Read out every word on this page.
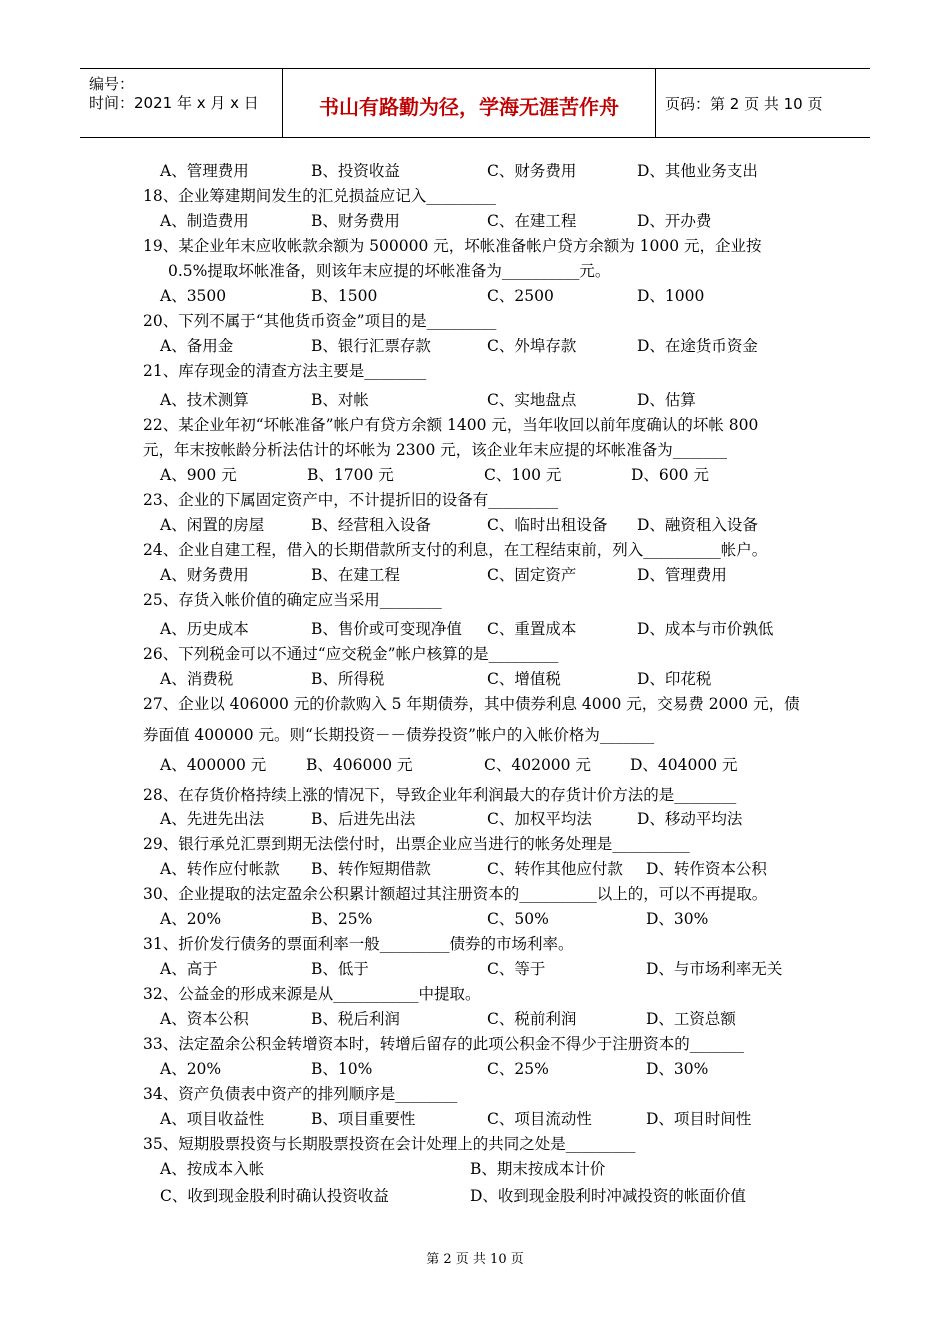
编号：
时间：2021 年 x 月 x 日	书山有路勤为径，学海无涯苦作舟	页码：第 2 页 共 10 页
A、管理费用	B、投资收益	C、财务费用	D、其他业务支出
18、企业筹建期间发生的汇兑损益应记入_________
A、制造费用	B、财务费用	C、在建工程	D、开办费
19、某企业年末应收帐款余额为 500000 元，坏帐准备帐户贷方余额为 1000 元，企业按
0.5%提取坏帐准备，则该年末应提的坏帐准备为__________元。
A、3500	B、1500	C、2500	D、1000
20、下列不属于“其他货币资金”项目的是_________
A、备用金	B、银行汇票存款	C、外埠存款	D、在途货币资金
21、库存现金的清查方法主要是________
A、技术测算	B、对帐	C、实地盘点	D、估算
22、某企业年初“坏帐准备”帐户有贷方余额 1400 元，当年收回以前年度确认的坏帐 800
元，年末按帐龄分析法估计的坏帐为 2300 元，该企业年末应提的坏帐准备为_______
A、900 元	B、1700 元	C、100 元	D、600 元
23、企业的下属固定资产中，不计提折旧的设备有_________
A、闲置的房屋	B、经营租入设备	C、临时出租设备 D、融资租入设备
24、企业自建工程，借入的长期借款所支付的利息，在工程结束前，列入__________帐户。
A、财务费用	B、在建工程	C、固定资产	D、管理费用
25、存货入帐价值的确定应当采用________
A、历史成本	B、售价或可变现净值 C、重置成本	D、成本与市价孰低
26、下列税金可以不通过“应交税金”帐户核算的是_________
A、消费税	B、所得税	C、增值税	D、印花税
27、企业以 406000 元的价款购入 5 年期债券，其中债券利息 4000 元，交易费 2000 元，债
券面值 400000 元。则“长期投资－－债券投资”帐户的入帐价格为_______
A、400000 元	B、406000 元	C、402000 元	D、404000 元
28、在存货价格持续上涨的情况下，导致企业年利润最大的存货计价方法的是________
A、先进先出法	B、后进先出法	C、加权平均法	D、移动平均法
29、银行承兑汇票到期无法偿付时，出票企业应当进行的帐务处理是__________
A、转作应付帐款 B、转作短期借款	C、转作其他应付款 D、转作资本公积
30、企业提取的法定盈余公积累计额超过其注册资本的__________以上的，可以不再提取。
A、20%	B、25%	C、50%	D、30%
31、折价发行债务的票面利率一般_________债券的市场利率。
A、高于	B、低于	C、等于	D、与市场利率无关
32、公益金的形成来源是从___________中提取。
A、资本公积	B、税后利润	C、税前利润	D、工资总额
33、法定盈余公积金转增资本时，转增后留存的此项公积金不得少于注册资本的_______
A、20%	B、10%	C、25%	D、30%
34、资产负债表中资产的排列顺序是________
A、项目收益性	B、项目重要性	C、项目流动性	D、项目时间性
35、短期股票投资与长期股票投资在会计处理上的共同之处是_________
A、按成本入帐	B、期末按成本计价
C、收到现金股利时确认投资收益	D、收到现金股利时冲减投资的帐面价值
第 2 页 共 10 页
